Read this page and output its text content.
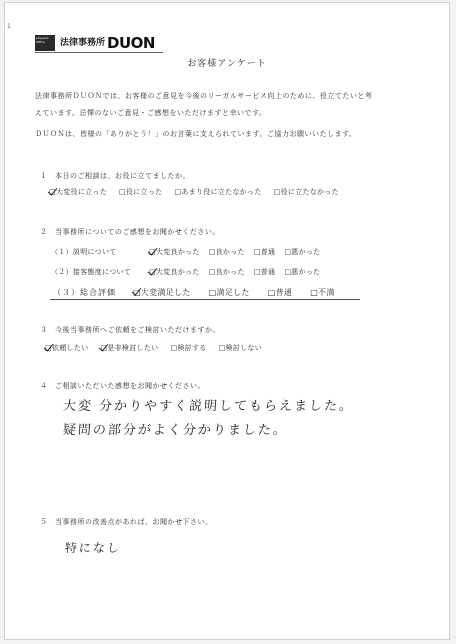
1
Lawyers Office	法律事務所 DUON
お客様アンケート
法律事務所ＤＵＯＮでは、お客様のご意見を今後のリーガルサービス向上のために、役立てたいと考
えています。忌憚のないご意見・ご感想をいただけますと幸いです。
ＤＵＯＮは、皆様の「ありがとう！」のお言葉に支えられています。ご協力お願いいたします。
１　本日のご相談は、お役に立てましたか。
□大変役に立った □役に立った □あまり役に立たなかった □役に立たなかった
２　当事務所についてのご感想をお聞かせください。
（１）説明について	□大変良かった □良かった □普通 □悪かった
（２）接客態度について	□大変良かった □良かった □普通 □悪かった
（３）総合評価 □大変満足した □満足した □普通 □不満
３　今後当事務所へご依頼をご検討いただけますか。
□依頼したい □是非検討したい □検討する □検討しない
４　ご相談いただいた感想をお聞かせください。
大変 分かりやすく説明してもらえました。
疑問の部分がよく分かりました。
５　当事務所の改善点があれば、お聞かせ下さい。
特になし
